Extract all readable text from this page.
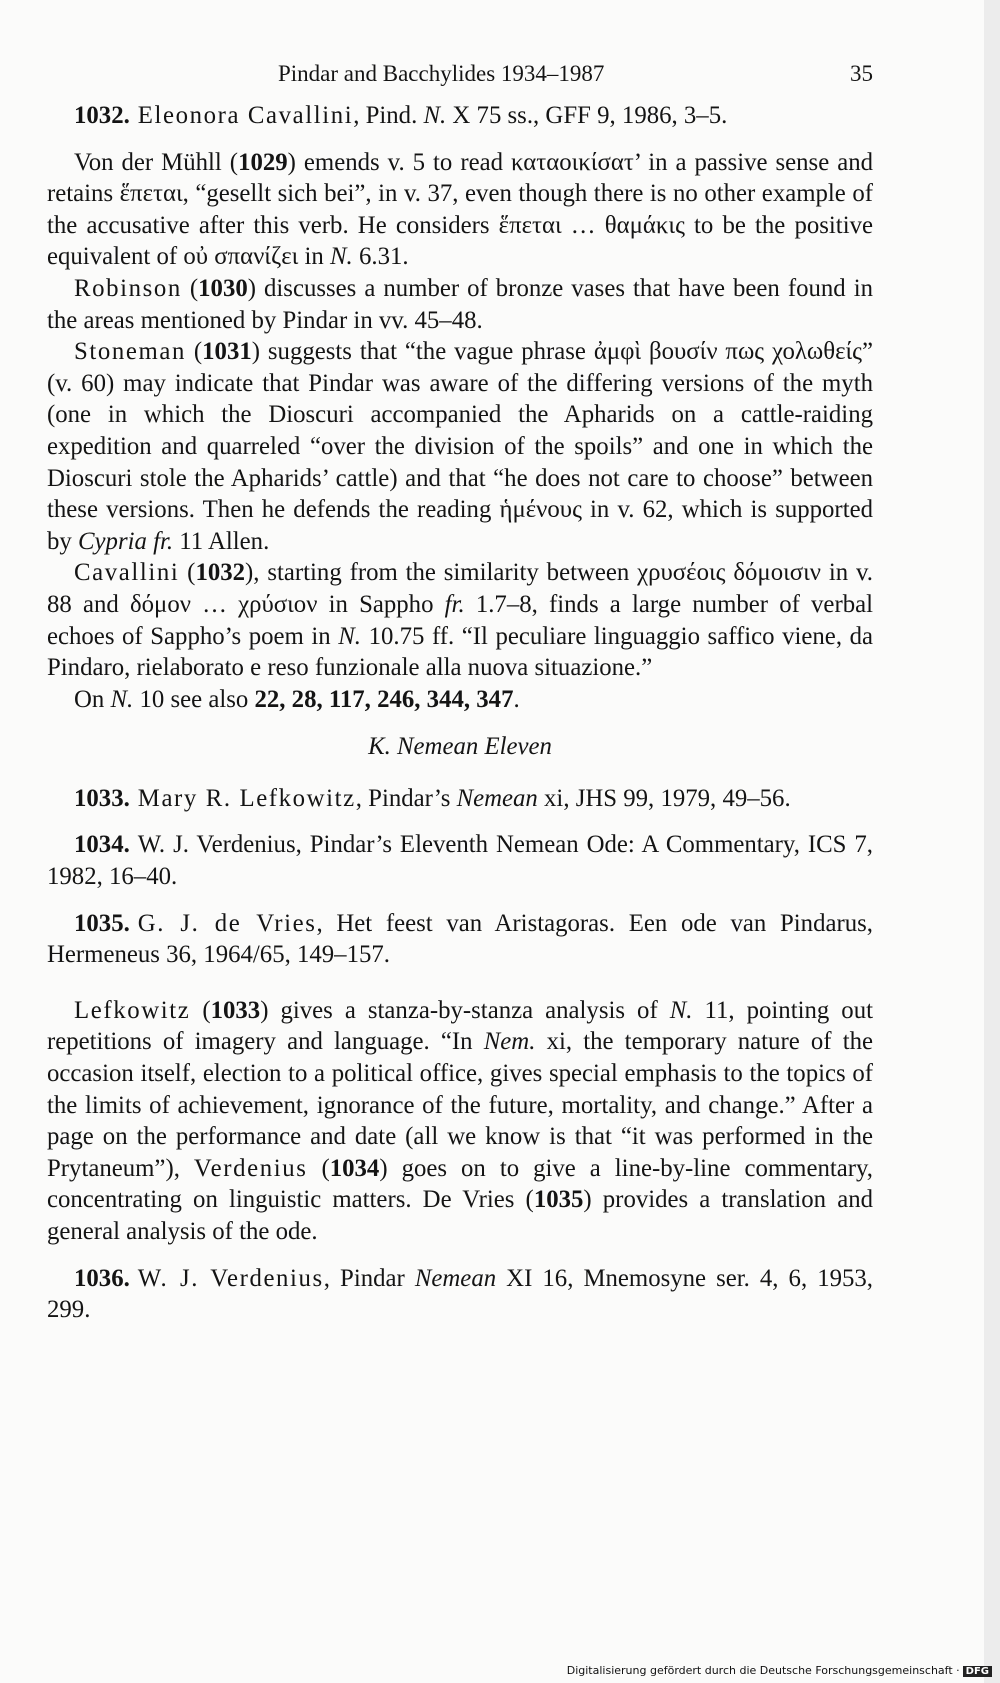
Pindar and Bacchylides 1934–1987	35

1032. Eleonora Cavallini, Pind. N. X 75 ss., GFF 9, 1986, 3–5.

Von der Mühll (1029) emends v. 5 to read καταοικίσατ’ in a passive sense and retains ἕπεται, “gesellt sich bei”, in v. 37, even though there is no other example of the accusative after this verb. He considers ἕπεται … θαμάκις to be the positive equivalent of οὐ σπανίζει in N. 6.31.

Robinson (1030) discusses a number of bronze vases that have been found in the areas mentioned by Pindar in vv. 45–48.

Stoneman (1031) suggests that “the vague phrase ἀμφὶ βουσίν πως χολωθείς” (v. 60) may indicate that Pindar was aware of the differing versions of the myth (one in which the Dioscuri accompanied the Apharids on a cattle-raiding expedition and quarreled “over the division of the spoils” and one in which the Dioscuri stole the Apharids’ cattle) and that “he does not care to choose” between these versions. Then he defends the reading ἡμένους in v. 62, which is supported by Cypria fr. 11 Allen.

Cavallini (1032), starting from the similarity between χρυσέοις δόμοισιν in v. 88 and δόμον … χρύσιον in Sappho fr. 1.7–8, finds a large number of verbal echoes of Sappho’s poem in N. 10.75 ff. “Il peculiare linguaggio saffico viene, da Pindaro, rielaborato e reso funzionale alla nuova situazione.”

On N. 10 see also 22, 28, 117, 246, 344, 347.

K. Nemean Eleven

1033. Mary R. Lefkowitz, Pindar’s Nemean xi, JHS 99, 1979, 49–56.

1034. W. J. Verdenius, Pindar’s Eleventh Nemean Ode: A Commentary, ICS 7, 1982, 16–40.

1035. G. J. de Vries, Het feest van Aristagoras. Een ode van Pindarus, Hermeneus 36, 1964/65, 149–157.

Lefkowitz (1033) gives a stanza-by-stanza analysis of N. 11, pointing out repetitions of imagery and language. “In Nem. xi, the temporary nature of the occasion itself, election to a political office, gives special emphasis to the topics of the limits of achievement, ignorance of the future, mortality, and change.” After a page on the performance and date (all we know is that “it was performed in the Prytaneum”), Verdenius (1034) goes on to give a line-by-line commentary, concentrating on linguistic matters. De Vries (1035) provides a translation and general analysis of the ode.

1036. W. J. Verdenius, Pindar Nemean XI 16, Mnemosyne ser. 4, 6, 1953, 299.

Digitalisierung gefördert durch die Deutsche Forschungsgemeinschaft · DFG
